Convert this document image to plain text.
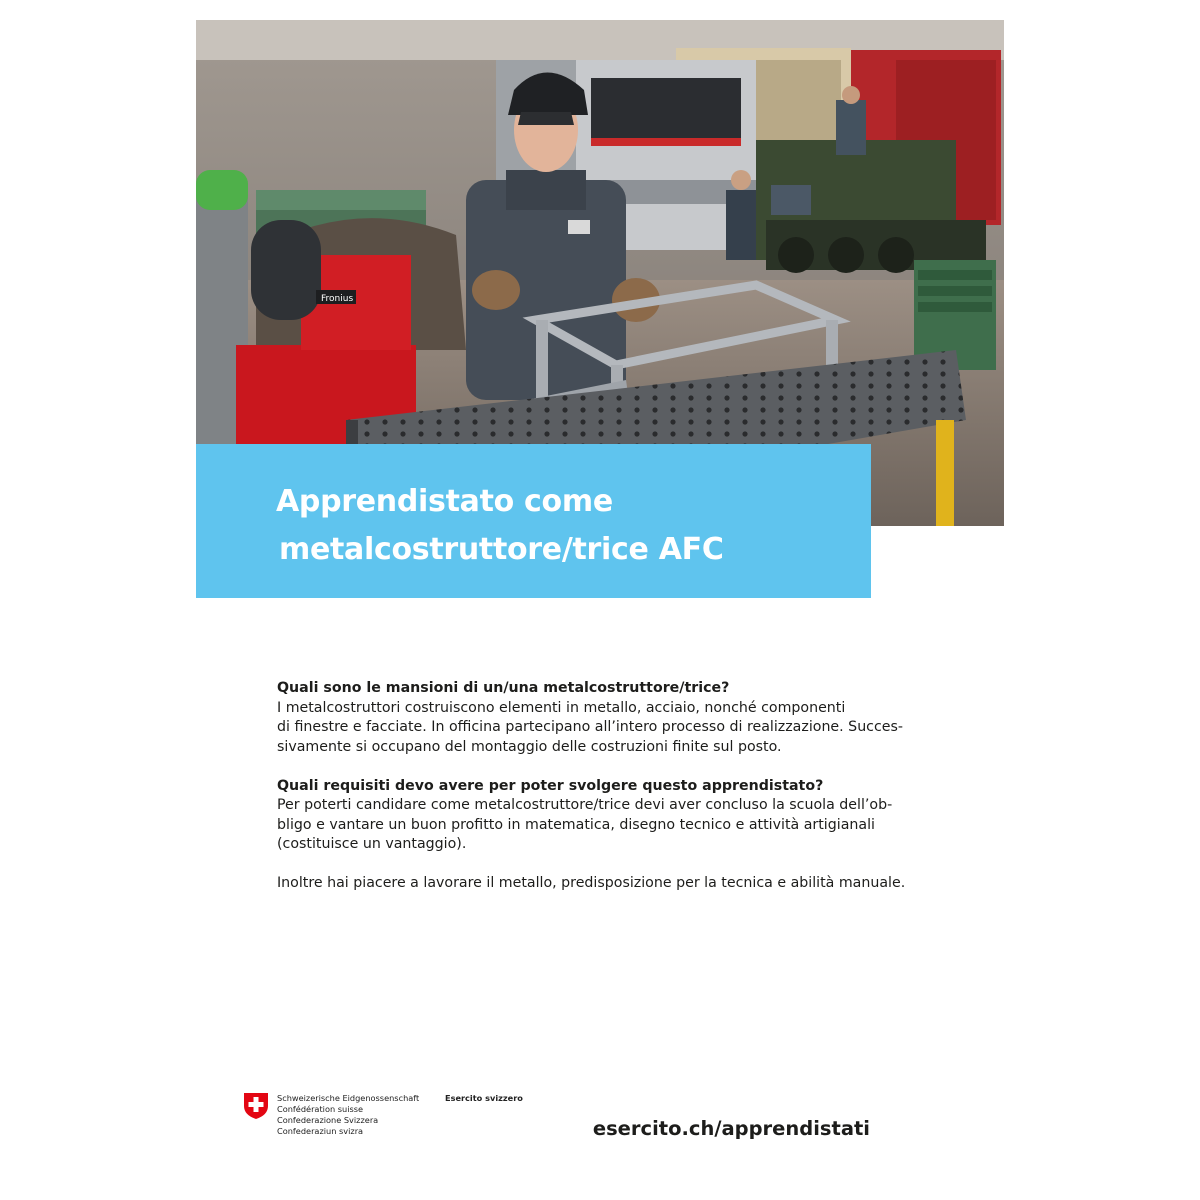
Fronius
Apprendistato come
metalcostruttore/trice AFC
Quali sono le mansioni di un/una metalcostruttore/trice?

I metalcostruttori costruiscono elementi in metallo, acciaio, nonché componenti
di finestre e facciate. In officina partecipano all’intero processo di realizzazione. Succes-
sivamente si occupano del montaggio delle costruzioni finite sul posto.

Quali requisiti devo avere per poter svolgere questo apprendistato?

Per poterti candidare come metalcostruttore/trice devi aver concluso la scuola dell’ob-
bligo e vantare un buon profitto in matematica, disegno tecnico e attività artigianali
(costituisce un vantaggio).

Inoltre hai piacere a lavorare il metallo, predisposizione per la tecnica e abilità manuale.

Schweizerische Eidgenossenschaft
Confédération suisse
Confederazione Svizzera
Confederaziun svizra
Esercito svizzero
esercito.ch/apprendistati
